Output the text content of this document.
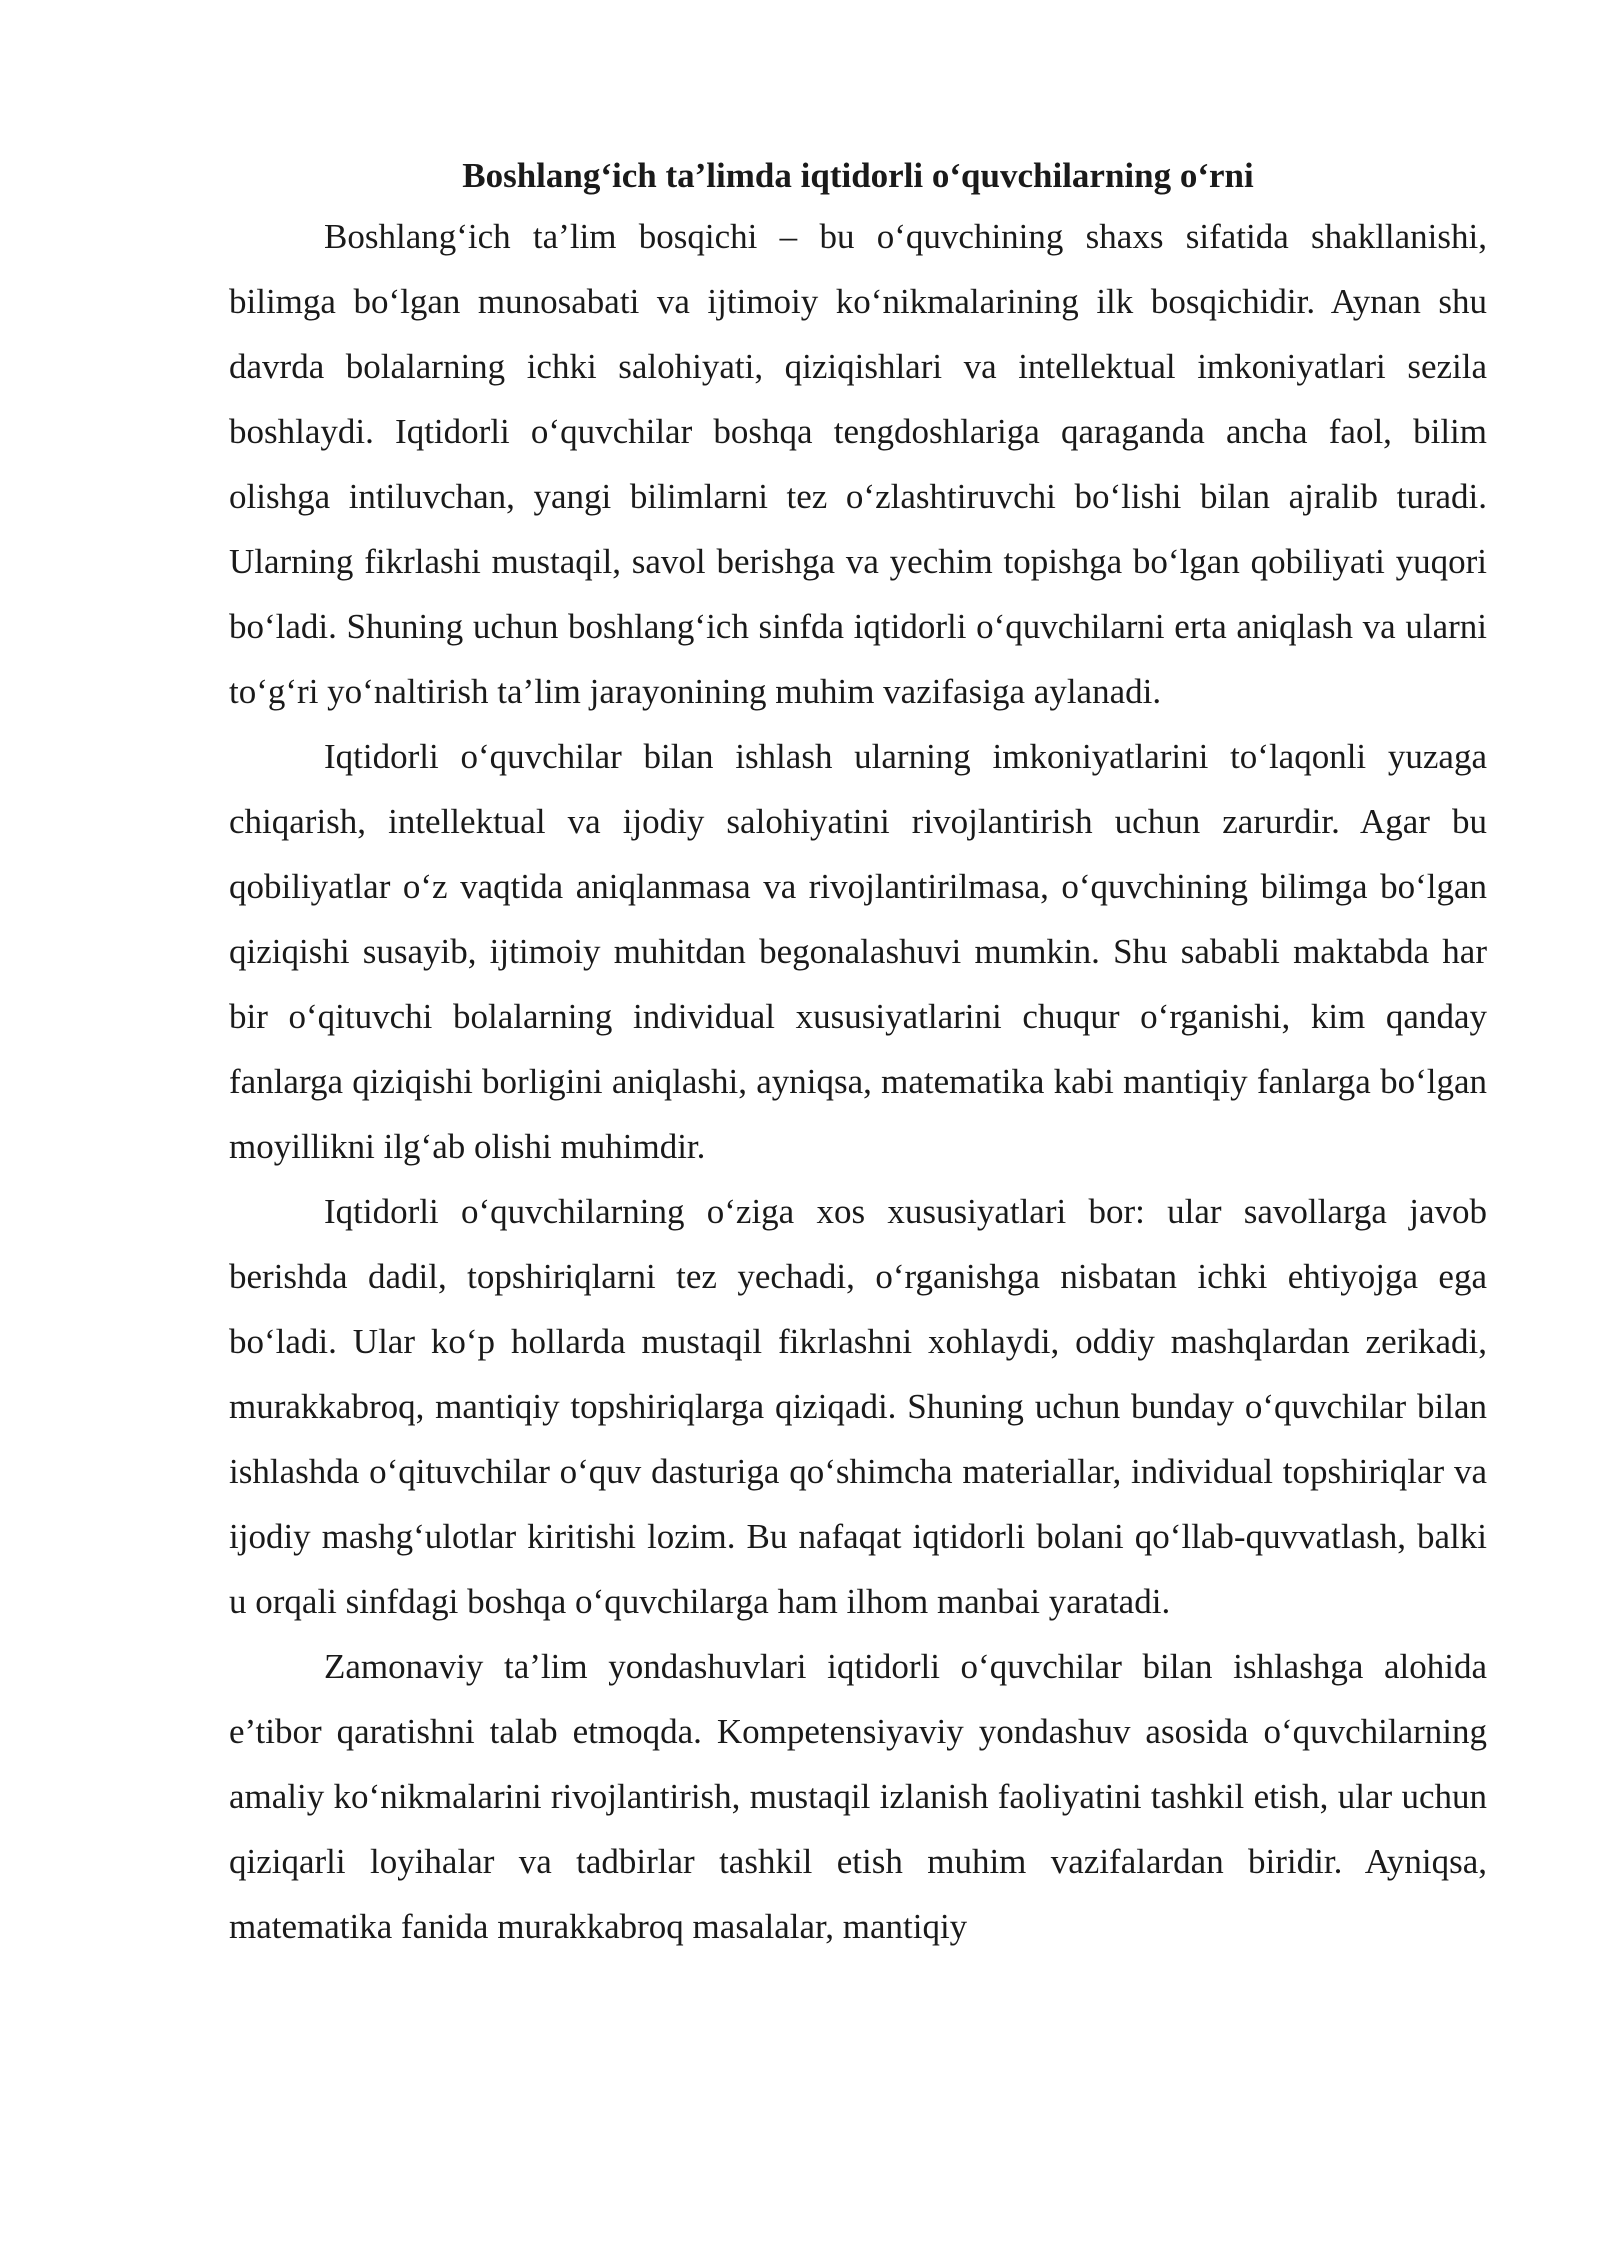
Boshlang‘ich ta’limda iqtidorli o‘quvchilarning o‘rni

Boshlang‘ich ta’lim bosqichi – bu o‘quvchining shaxs sifatida shakllanishi, bilimga bo‘lgan munosabati va ijtimoiy ko‘nikmalarining ilk bosqichidir. Aynan shu davrda bolalarning ichki salohiyati, qiziqishlari va intellektual imkoniyatlari sezila boshlaydi. Iqtidorli o‘quvchilar boshqa tengdoshlariga qaraganda ancha faol, bilim olishga intiluvchan, yangi bilimlarni tez o‘zlashtiruvchi bo‘lishi bilan ajralib turadi. Ularning fikrlashi mustaqil, savol berishga va yechim topishga bo‘lgan qobiliyati yuqori bo‘ladi. Shuning uchun boshlang‘ich sinfda iqtidorli o‘quvchilarni erta aniqlash va ularni to‘g‘ri yo‘naltirish ta’lim jarayonining muhim vazifasiga aylanadi.

Iqtidorli o‘quvchilar bilan ishlash ularning imkoniyatlarini to‘laqonli yuzaga chiqarish, intellektual va ijodiy salohiyatini rivojlantirish uchun zarurdir. Agar bu qobiliyatlar o‘z vaqtida aniqlanmasa va rivojlantirilmasa, o‘quvchining bilimga bo‘lgan qiziqishi susayib, ijtimoiy muhitdan begonalashuvi mumkin. Shu sababli maktabda har bir o‘qituvchi bolalarning individual xususiyatlarini chuqur o‘rganishi, kim qanday fanlarga qiziqishi borligini aniqlashi, ayniqsa, matematika kabi mantiqiy fanlarga bo‘lgan moyillikni ilg‘ab olishi muhimdir.

Iqtidorli o‘quvchilarning o‘ziga xos xususiyatlari bor: ular savollarga javob berishda dadil, topshiriqlarni tez yechadi, o‘rganishga nisbatan ichki ehtiyojga ega bo‘ladi. Ular ko‘p hollarda mustaqil fikrlashni xohlaydi, oddiy mashqlardan zerikadi, murakkabroq, mantiqiy topshiriqlarga qiziqadi. Shuning uchun bunday o‘quvchilar bilan ishlashda o‘qituvchilar o‘quv dasturiga qo‘shimcha materiallar, individual topshiriqlar va ijodiy mashg‘ulotlar kiritishi lozim. Bu nafaqat iqtidorli bolani qo‘llab-quvvatlash, balki u orqali sinfdagi boshqa o‘quvchilarga ham ilhom manbai yaratadi.

Zamonaviy ta’lim yondashuvlari iqtidorli o‘quvchilar bilan ishlashga alohida e’tibor qaratishni talab etmoqda. Kompetensiyaviy yondashuv asosida o‘quvchilarning amaliy ko‘nikmalarini rivojlantirish, mustaqil izlanish faoliyatini tashkil etish, ular uchun qiziqarli loyihalar va tadbirlar tashkil etish muhim vazifalardan biridir. Ayniqsa, matematika fanida murakkabroq masalalar, mantiqiy
